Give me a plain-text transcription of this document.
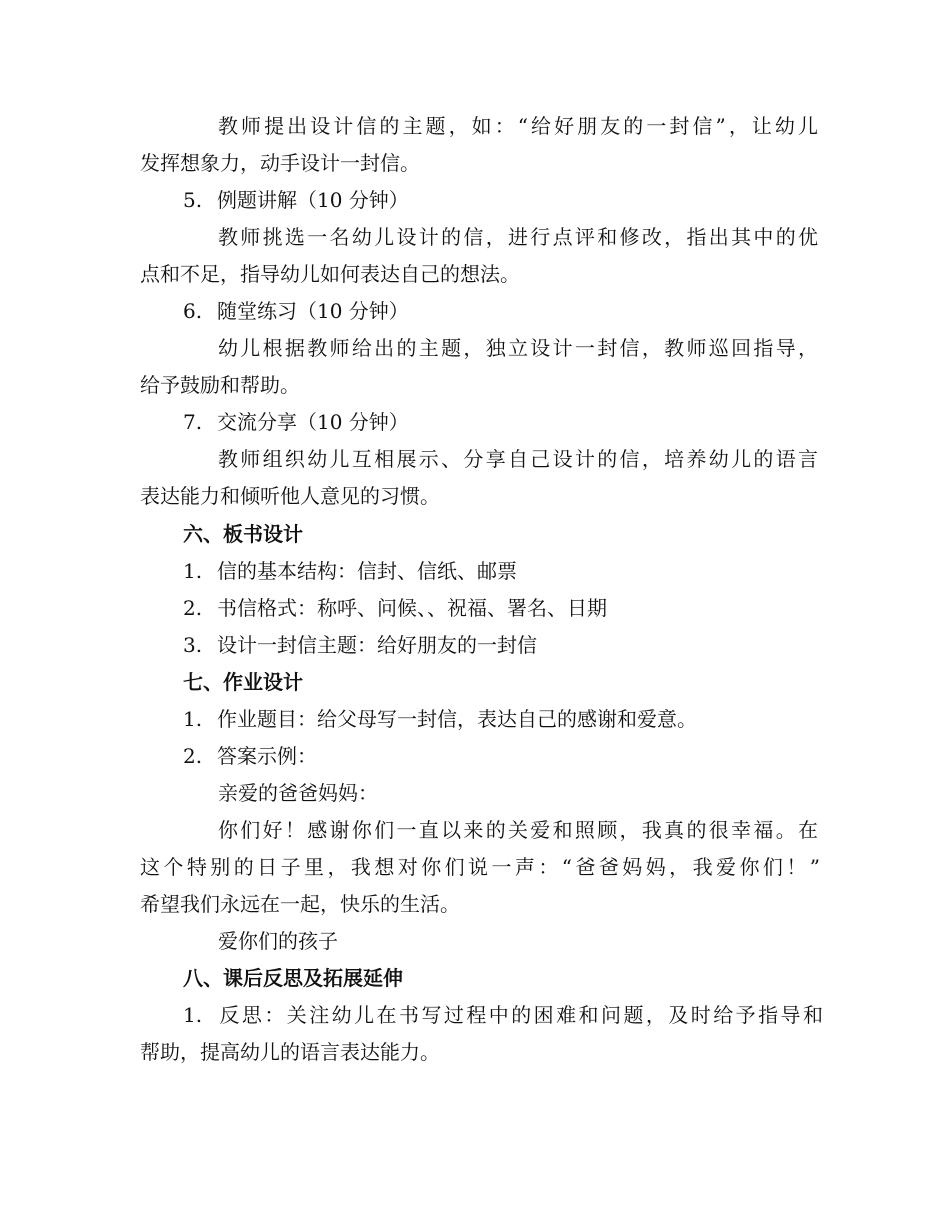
教师提出设计信的主题，如：“给好朋友的一封信”，让幼儿
发挥想象力，动手设计一封信。
5. 例题讲解（10 分钟）
教师挑选一名幼儿设计的信，进行点评和修改，指出其中的优
点和不足，指导幼儿如何表达自己的想法。
6. 随堂练习（10 分钟）
幼儿根据教师给出的主题，独立设计一封信，教师巡回指导，
给予鼓励和帮助。
7. 交流分享（10 分钟）
教师组织幼儿互相展示、分享自己设计的信，培养幼儿的语言
表达能力和倾听他人意见的习惯。
六、板书设计
1. 信的基本结构：信封、信纸、邮票
2. 书信格式：称呼、问候、、祝福、署名、日期
3. 设计一封信主题：给好朋友的一封信
七、作业设计
1. 作业题目：给父母写一封信，表达自己的感谢和爱意。
2. 答案示例：
亲爱的爸爸妈妈：
你们好！感谢你们一直以来的关爱和照顾，我真的很幸福。在
这个特别的日子里，我想对你们说一声：“爸爸妈妈，我爱你们！”
希望我们永远在一起，快乐的生活。
爱你们的孩子
八、课后反思及拓展延伸
1. 反思：关注幼儿在书写过程中的困难和问题，及时给予指导和
帮助，提高幼儿的语言表达能力。
